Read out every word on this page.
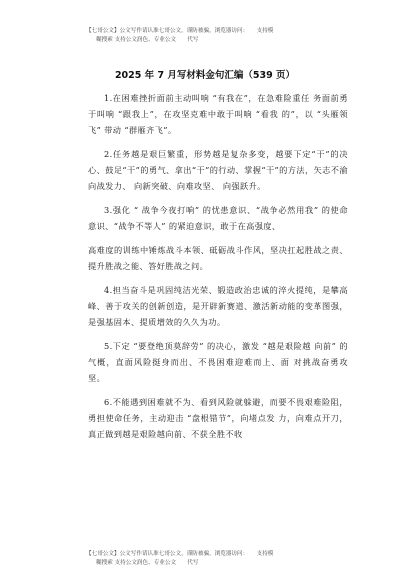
【七哥公文】公文写作请认准七哥公文，谨防被骗，浏览器访问：　　支持模
糊搜索 支持公文润色、专业公文　　代写
2025 年 7 月写材料金句汇编（539 页）

1.在困难挫折面前主动叫响 “有我在”，在急难险重任 务面前勇于叫响 “跟我上”，在攻坚克难中敢于叫响 “看我 的”，以 “头雁领飞” 带动 “群雁齐飞”。

2.任务越是艰巨繁重，形势越是复杂多变，越要下定“干”的决心、鼓足“干”的勇气、拿出“干”的行动、掌握“干”的方法，矢志不渝向战发力、 向新突破、向难攻坚、 向强跃升。

3.强化 “ 战争今夜打响” 的忧患意识、“战争必然用我” 的使命意识、“战争不等人” 的紧迫意识，敢于在高强度、

高难度的训练中锤炼战斗本领、砥砺战斗作风，坚决扛起胜战之责、提升胜战之能、答好胜战之问。

4.担当奋斗是巩固纯洁光荣、锻造政治忠诚的淬火提纯，是攀高峰、善于攻关的创新创造，是开辟新赛道、激活新动能的变革图强，是强基固本、提质增效的久久为功。

5.下定 “要登绝顶莫辞劳” 的决心，激发 “越是艰险越 向前” 的气概，直面风险挺身而出、不畏困难迎难而上、面 对挑战奋勇攻坚。

6.不能遇到困难就不为、看到风险就躲避，而要不畏艰难险阻，勇担使命任务，主动迎击 “盘根错节”，向堵点发 力，向难点开刀，真正做到越是艰险越向前、不获全胜不收

【七哥公文】公文写作请认准七哥公文，谨防被骗，浏览器访问：　　支持模
糊搜索 支持公文润色、专业公文　　代写
